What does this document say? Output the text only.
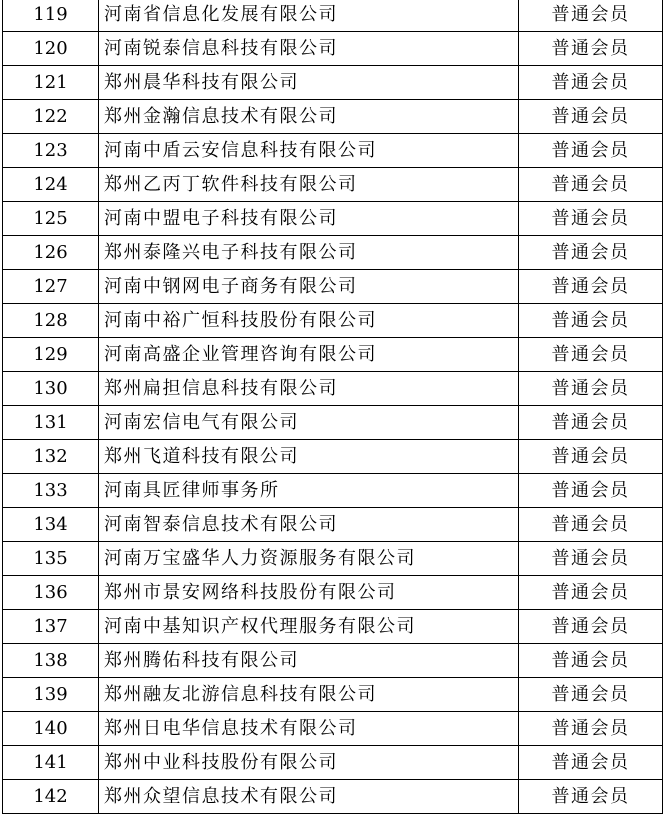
119	河南省信息化发展有限公司	普通会员
120	河南锐泰信息科技有限公司	普通会员
121	郑州晨华科技有限公司	普通会员
122	郑州金瀚信息技术有限公司	普通会员
123	河南中盾云安信息科技有限公司	普通会员
124	郑州乙丙丁软件科技有限公司	普通会员
125	河南中盟电子科技有限公司	普通会员
126	郑州泰隆兴电子科技有限公司	普通会员
127	河南中钢网电子商务有限公司	普通会员
128	河南中裕广恒科技股份有限公司	普通会员
129	河南高盛企业管理咨询有限公司	普通会员
130	郑州扁担信息科技有限公司	普通会员
131	河南宏信电气有限公司	普通会员
132	郑州飞道科技有限公司	普通会员
133	河南具匠律师事务所	普通会员
134	河南智泰信息技术有限公司	普通会员
135	河南万宝盛华人力资源服务有限公司	普通会员
136	郑州市景安网络科技股份有限公司	普通会员
137	河南中基知识产权代理服务有限公司	普通会员
138	郑州腾佑科技有限公司	普通会员
139	郑州融友北游信息科技有限公司	普通会员
140	郑州日电华信息技术有限公司	普通会员
141	郑州中业科技股份有限公司	普通会员
142	郑州众望信息技术有限公司	普通会员
